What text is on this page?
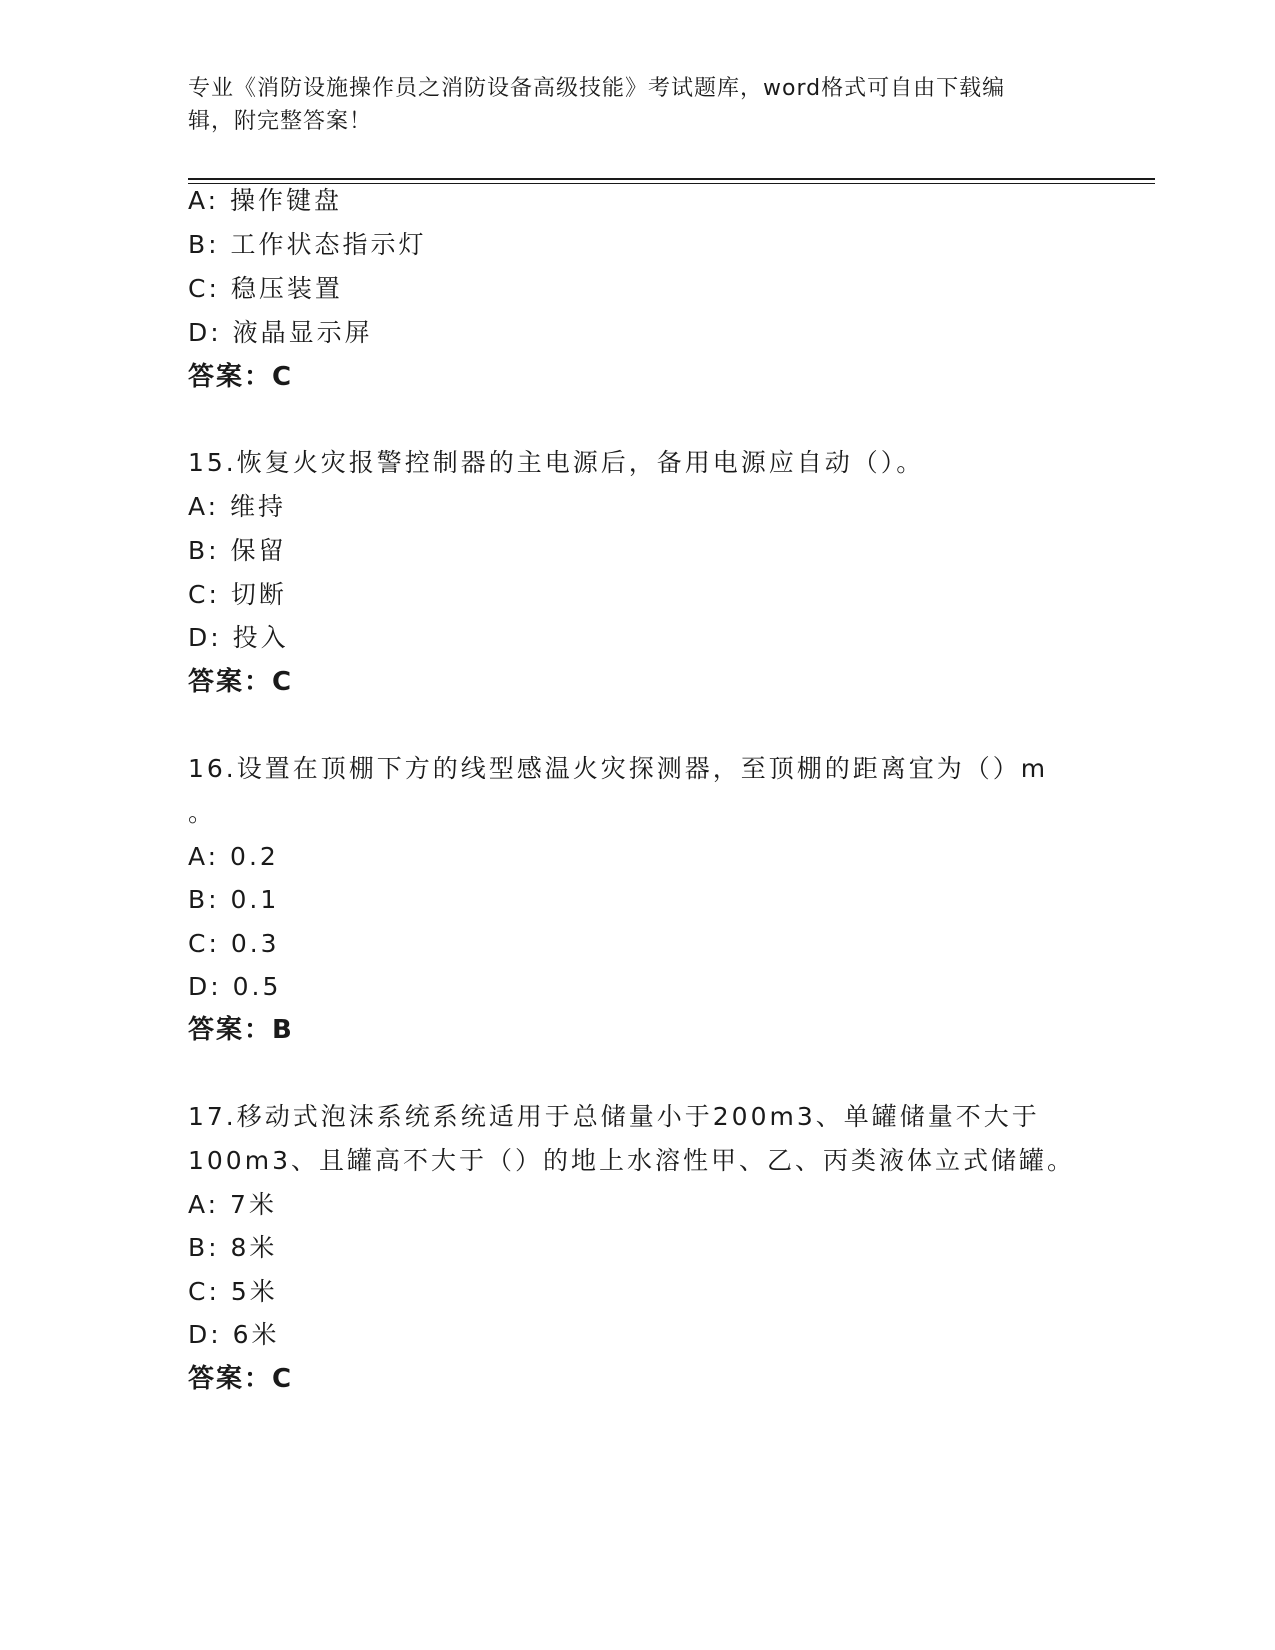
专业《消防设施操作员之消防设备高级技能》考试题库，word格式可自由下载编
辑，附完整答案！
A: 操作键盘
B: 工作状态指示灯
C: 稳压装置
D: 液晶显示屏
答案：C
15.恢复火灾报警控制器的主电源后，备用电源应自动（）。
A: 维持
B: 保留
C: 切断
D: 投入
答案：C
16.设置在顶棚下方的线型感温火灾探测器，至顶棚的距离宜为（）m
。
A: 0.2
B: 0.1
C: 0.3
D: 0.5
答案：B
17.移动式泡沫系统系统适用于总储量小于200m3、单罐储量不大于
100m3、且罐高不大于（）的地上水溶性甲、乙、丙类液体立式储罐。
A: 7米
B: 8米
C: 5米
D: 6米
答案：C
